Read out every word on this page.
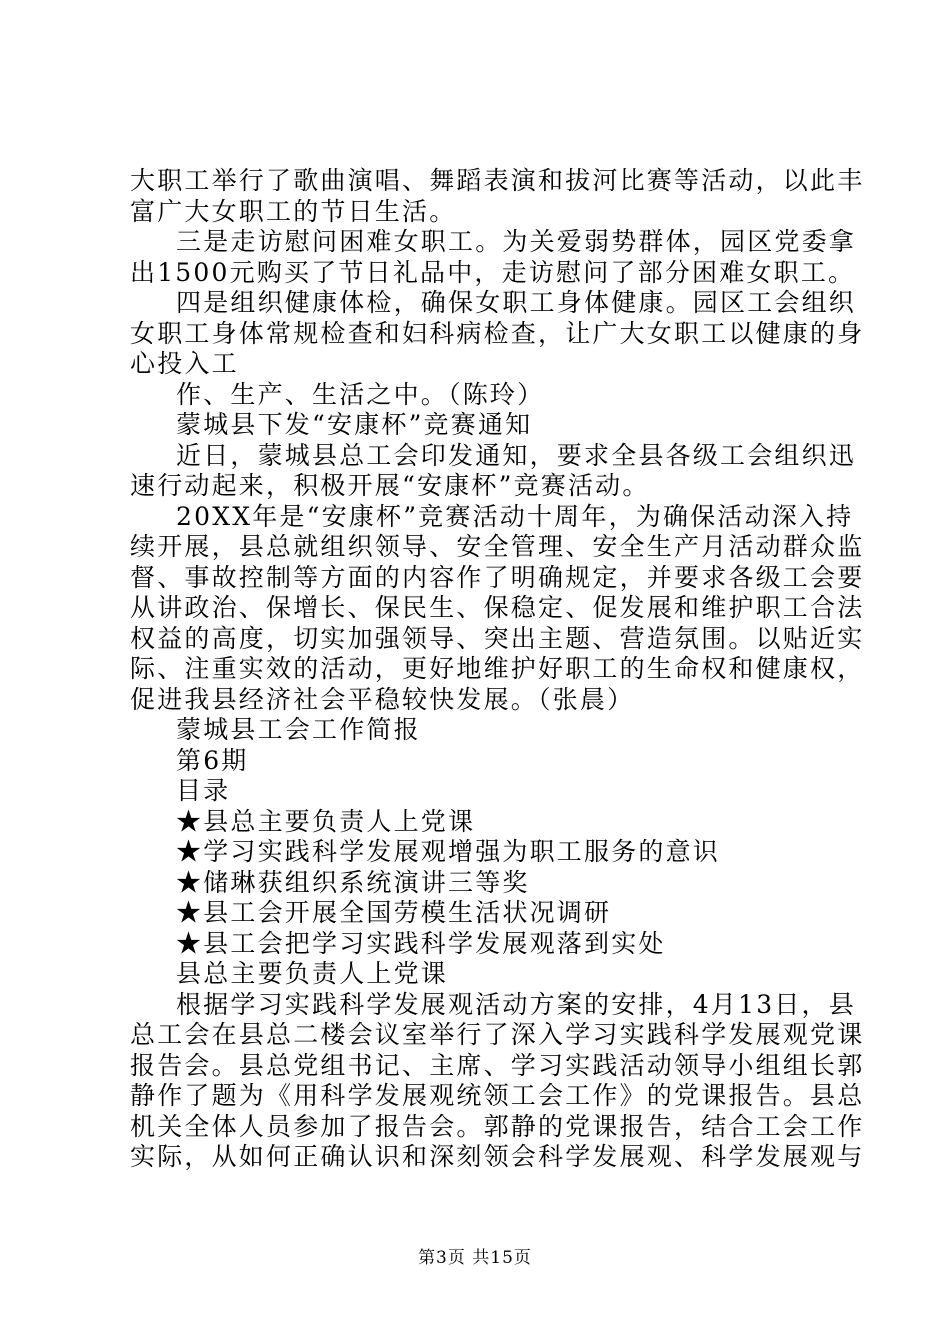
大职工举行了歌曲演唱、舞蹈表演和拔河比赛等活动，以此丰
富广大女职工的节日生活。
三是走访慰问困难女职工。为关爱弱势群体，园区党委拿
出1500元购买了节日礼品中，走访慰问了部分困难女职工。
四是组织健康体检，确保女职工身体健康。园区工会组织
女职工身体常规检查和妇科病检查，让广大女职工以健康的身
心投入工
作、生产、生活之中。（陈玲）
蒙城县下发“安康杯”竞赛通知
近日，蒙城县总工会印发通知，要求全县各级工会组织迅
速行动起来，积极开展“安康杯”竞赛活动。
20XX年是“安康杯”竞赛活动十周年，为确保活动深入持
续开展，县总就组织领导、安全管理、安全生产月活动群众监
督、事故控制等方面的内容作了明确规定，并要求各级工会要
从讲政治、保增长、保民生、保稳定、促发展和维护职工合法
权益的高度，切实加强领导、突出主题、营造氛围。以贴近实
际、注重实效的活动，更好地维护好职工的生命权和健康权，
促进我县经济社会平稳较快发展。（张晨）
蒙城县工会工作简报
第6期
目录
★县总主要负责人上党课
★学习实践科学发展观增强为职工服务的意识
★储琳获组织系统演讲三等奖
★县工会开展全国劳模生活状况调研
★县工会把学习实践科学发展观落到实处
县总主要负责人上党课
根据学习实践科学发展观活动方案的安排，4月13日，县
总工会在县总二楼会议室举行了深入学习实践科学发展观党课
报告会。县总党组书记、主席、学习实践活动领导小组组长郭
静作了题为《用科学发展观统领工会工作》的党课报告。县总
机关全体人员参加了报告会。郭静的党课报告，结合工会工作
实际，从如何正确认识和深刻领会科学发展观、科学发展观与
第3页 共15页
